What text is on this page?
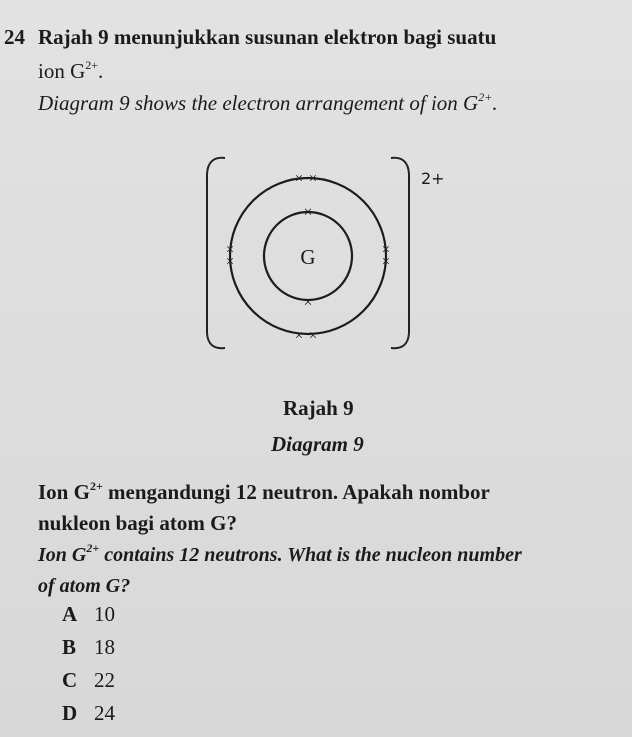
24 Rajah 9 menunjukkan susunan elektron bagi suatu
ion $G^{2+}$.
Diagram 9 shows the electron arrangement of ion $G^{2+}$.
G
×
×
× ×
× ×
×
×
×
×
2+
Rajah 9
Diagram 9
Ion $G^{2+}$ mengandungi 12 neutron. Apakah nombor
nukleon bagi atom G?
Ion $G^{2+}$ contains 12 neutrons. What is the nucleon number
of atom G?
A 10
B 18
C 22
D 24
